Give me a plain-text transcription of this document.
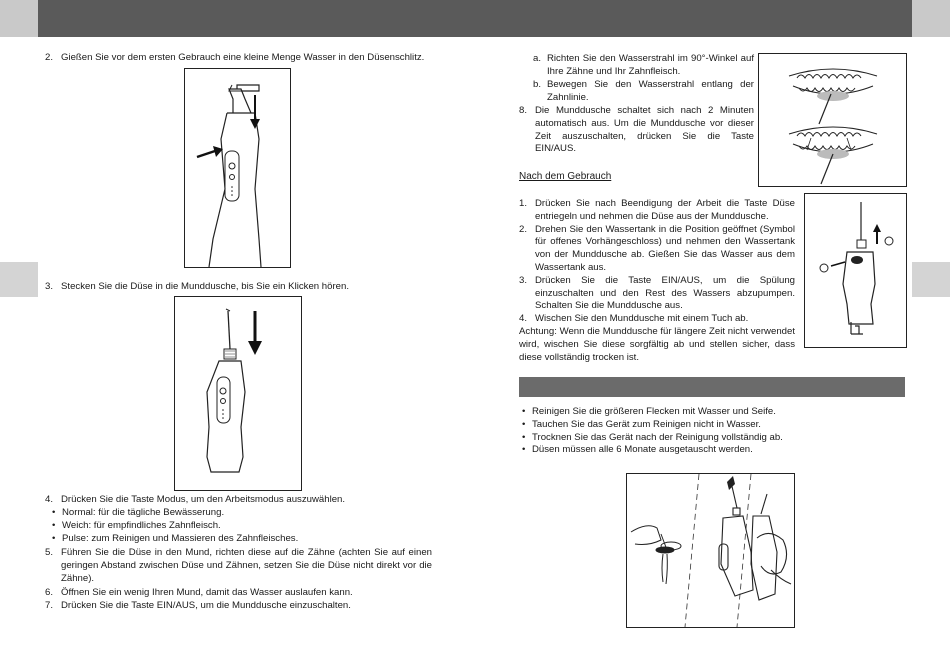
2. Gießen Sie vor dem ersten Gebrauch eine kleine Menge Wasser in den Düsenschlitz.
3. Stecken Sie die Düse in die Munddusche, bis Sie ein Klicken hören.
4. Drücken Sie die Taste Modus, um den Arbeitsmodus auszuwählen.
• Normal: für die tägliche Bewässerung.
• Weich: für empfindliches Zahnfleisch.
• Pulse: zum Reinigen und Massieren des Zahnfleisches.
5. Führen Sie die Düse in den Mund, richten diese auf die Zähne (achten Sie auf einen geringen Abstand zwischen Düse und Zähnen, setzen Sie die Düse nicht direkt vor die Zähne).
6. Öffnen Sie ein wenig Ihren Mund, damit das Wasser auslaufen kann.
7. Drücken Sie die Taste EIN/AUS, um die Munddusche einzuschalten.
a. Richten Sie den Wasserstrahl im 90°-Winkel auf Ihre Zähne und Ihr Zahnfleisch.
b. Bewegen Sie den Wasserstrahl entlang der Zahnlinie.
8. Die Munddusche schaltet sich nach 2 Minuten automatisch aus. Um die Munddusche vor dieser Zeit auszuschalten, drücken Sie die Taste EIN/AUS.
Nach dem Gebrauch
1. Drücken Sie nach Beendigung der Arbeit die Taste Düse entriegeln und nehmen die Düse aus der Munddusche.
2. Drehen Sie den Wassertank in die Position geöffnet (Symbol für offenes Vorhängeschloss) und nehmen den Wassertank von der Munddusche ab. Gießen Sie das Wasser aus dem Wassertank aus.
3. Drücken Sie die Taste EIN/AUS, um die Spülung einzuschalten und den Rest des Wassers abzupumpen. Schalten Sie die Munddusche aus.
4. Wischen Sie den Munddusche mit einem Tuch ab.
Achtung: Wenn die Munddusche für längere Zeit nicht verwendet wird, wischen Sie diese sorgfältig ab und stellen sicher, dass diese vollständig trocken ist.
• Reinigen Sie die größeren Flecken mit Wasser und Seife.
• Tauchen Sie das Gerät zum Reinigen nicht in Wasser.
• Trocknen Sie das Gerät nach der Reinigung vollständig ab.
• Düsen müssen alle 6 Monate ausgetauscht werden.
